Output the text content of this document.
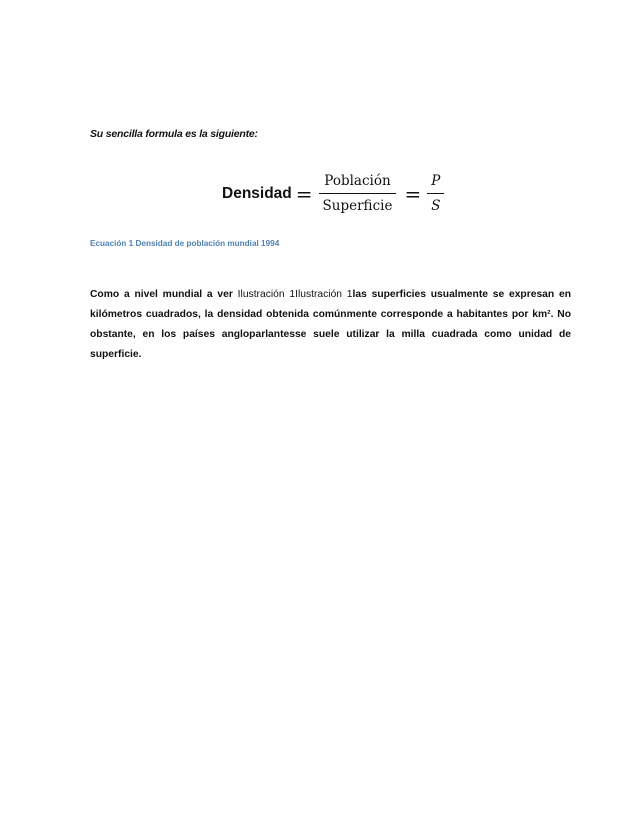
Su sencilla formula es la siguiente:
Densidad = $\frac{\text{Población}}{\text{Superficie}} = \frac{P}{S}$
Ecuación 1 Densidad de población mundial 1994
Como a nivel mundial a ver Ilustración 1Ilustración 1las superficies usualmente se expresan en kilómetros cuadrados, la densidad obtenida comúnmente corresponde a habitantes por km². No obstante, en los países angloparlantesse suele utilizar la milla cuadrada como unidad de superficie.
